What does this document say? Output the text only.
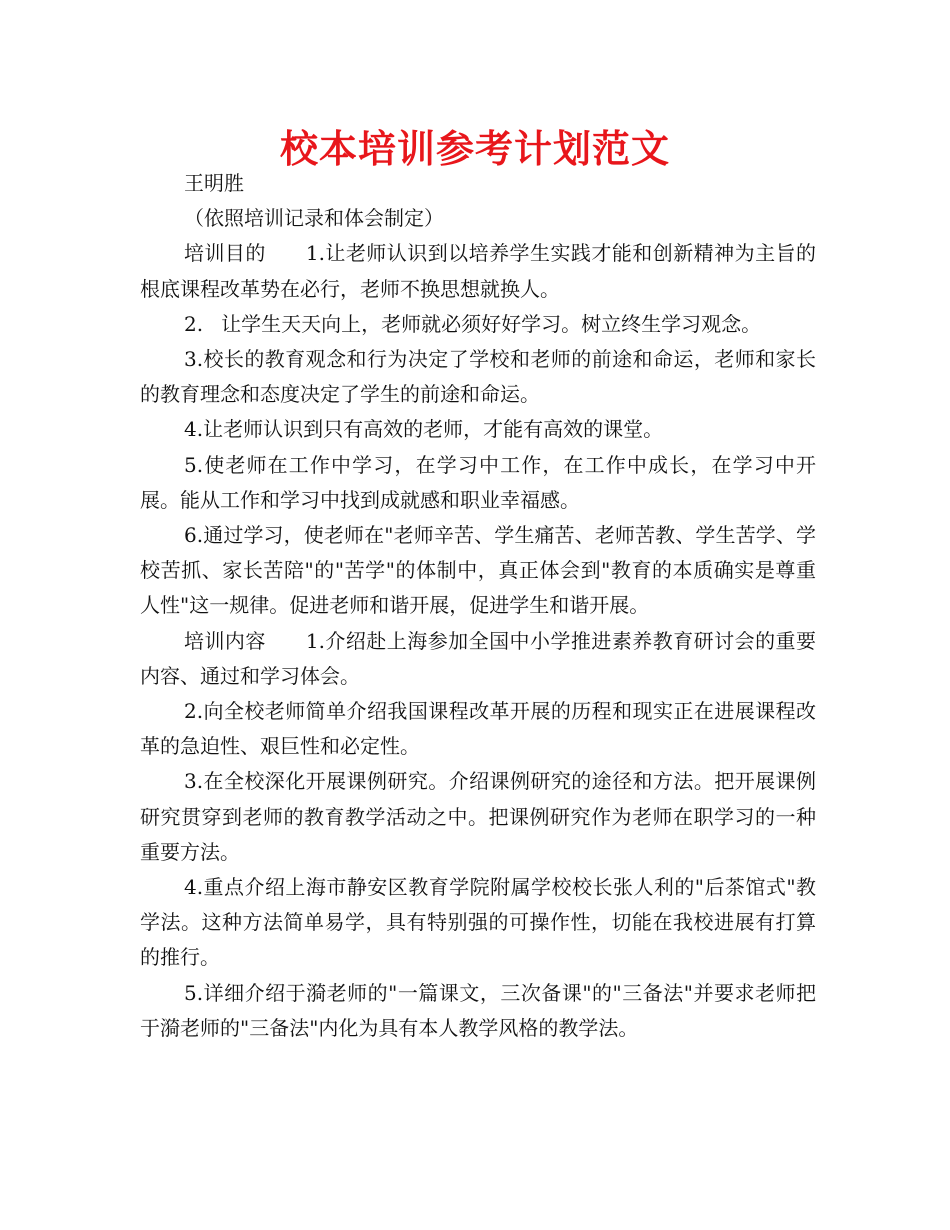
校本培训参考计划范文

王明胜

（依照培训记录和体会制定）

培训目的 1.让老师认识到以培养学生实践才能和创新精神为主旨的根底课程改革势在必行，老师不换思想就换人。

2. 让学生天天向上，老师就必须好好学习。树立终生学习观念。

3.校长的教育观念和行为决定了学校和老师的前途和命运，老师和家长的教育理念和态度决定了学生的前途和命运。

4.让老师认识到只有高效的老师，才能有高效的课堂。

5.使老师在工作中学习，在学习中工作，在工作中成长，在学习中开展。能从工作和学习中找到成就感和职业幸福感。

6.通过学习，使老师在"老师辛苦、学生痛苦、老师苦教、学生苦学、学校苦抓、家长苦陪"的"苦学"的体制中，真正体会到"教育的本质确实是尊重人性"这一规律。促进老师和谐开展，促进学生和谐开展。

培训内容 1.介绍赴上海参加全国中小学推进素养教育研讨会的重要内容、通过和学习体会。

2.向全校老师简单介绍我国课程改革开展的历程和现实正在进展课程改革的急迫性、艰巨性和必定性。

3.在全校深化开展课例研究。介绍课例研究的途径和方法。把开展课例研究贯穿到老师的教育教学活动之中。把课例研究作为老师在职学习的一种重要方法。

4.重点介绍上海市静安区教育学院附属学校校长张人利的"后茶馆式"教学法。这种方法简单易学，具有特别强的可操作性，切能在我校进展有打算的推行。

5.详细介绍于漪老师的"一篇课文，三次备课"的"三备法"并要求老师把于漪老师的"三备法"内化为具有本人教学风格的教学法。
